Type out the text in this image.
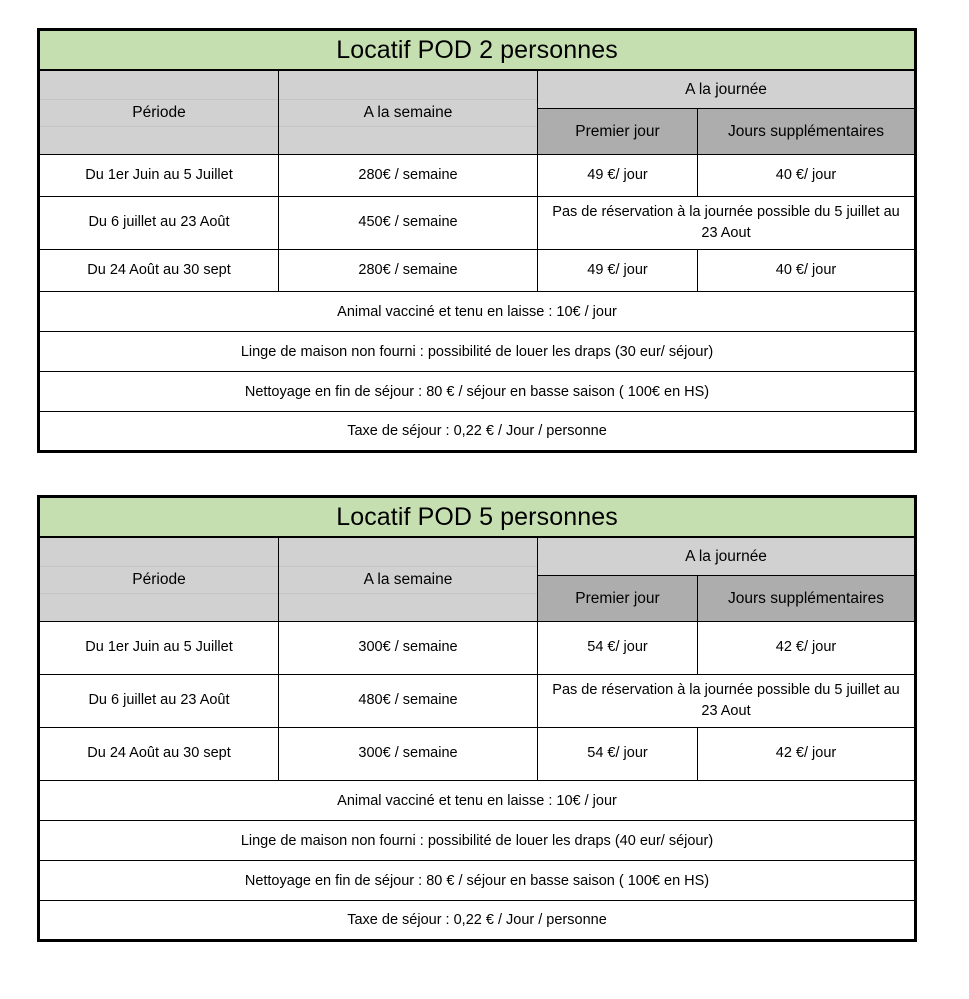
Locatif POD 2 personnes			

Période	A la semaine	A la journée	
		Premier jour	Jours supplémentaires
Du 1er Juin au 5 Juillet	280€ / semaine	49 €/ jour	40 €/ jour
Du 6 juillet au 23 Août	450€ / semaine	Pas de réservation à la journée possible du 5 juillet au 23 Aout	
Du 24 Août au 30 sept	280€ / semaine	49 €/ jour	40 €/ jour
Animal vacciné et tenu en laisse : 10€ / jour			
Linge de maison non fourni : possibilité de louer les draps (30 eur/ séjour)			
Nettoyage en fin de séjour : 80 € / séjour en basse saison ( 100€ en HS)			
Taxe de séjour : 0,22 € / Jour / personne			
Locatif POD 5 personnes			

Période	A la semaine	A la journée	
		Premier jour	Jours supplémentaires
Du 1er Juin au 5 Juillet	300€ / semaine	54 €/ jour	42 €/ jour
Du 6 juillet au 23 Août	480€ / semaine	Pas de réservation à la journée possible du 5 juillet au 23 Aout	
Du 24 Août au 30 sept	300€ / semaine	54 €/ jour	42 €/ jour
Animal vacciné et tenu en laisse : 10€ / jour			
Linge de maison non fourni : possibilité de louer les draps (40 eur/ séjour)			
Nettoyage en fin de séjour : 80 € / séjour en basse saison ( 100€ en HS)			
Taxe de séjour : 0,22 € / Jour / personne			
